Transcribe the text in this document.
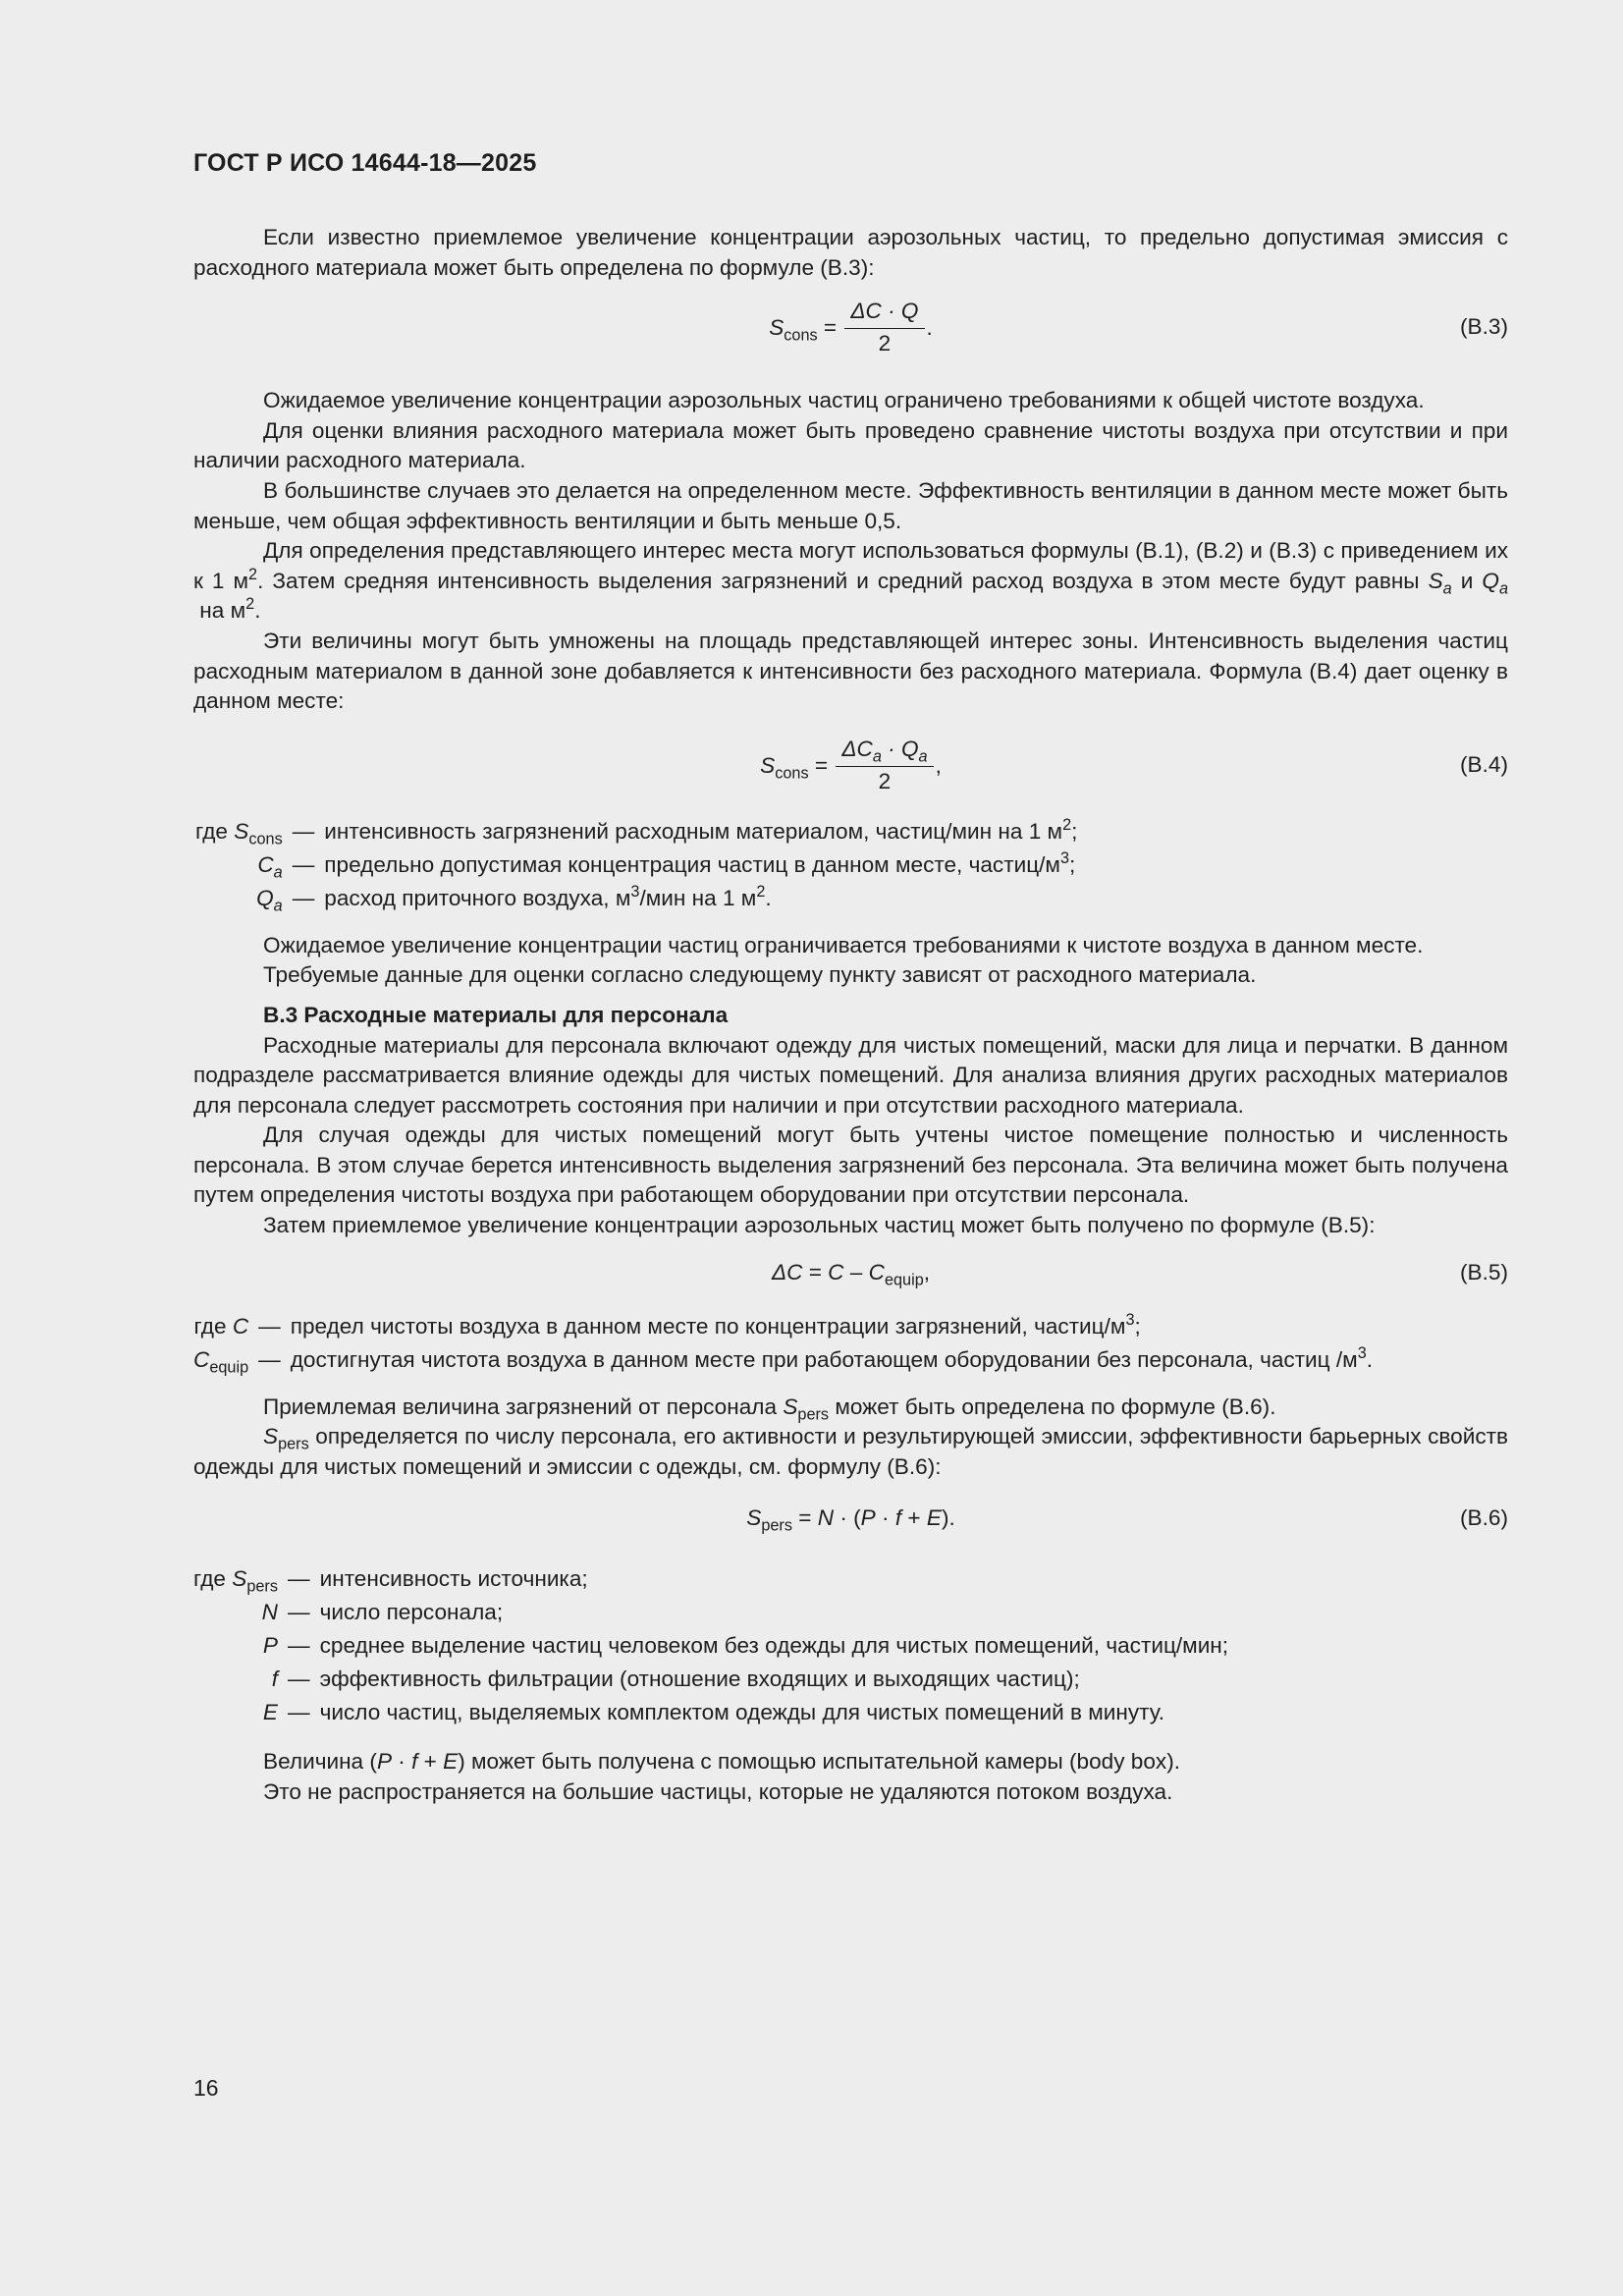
ГОСТ Р ИСО 14644-18—2025

Если известно приемлемое увеличение концентрации аэрозольных частиц, то предельно допустимая эмиссия с расходного материала может быть определена по формуле (B.3):

$S_{cons} = \frac{\Delta C \cdot Q}{2}$ .	(B.3)

Ожидаемое увеличение концентрации аэрозольных частиц ограничено требованиями к общей чистоте воздуха.

Для оценки влияния расходного материала может быть проведено сравнение чистоты воздуха при отсутствии и при наличии расходного материала.

В большинстве случаев это делается на определенном месте. Эффективность вентиляции в данном месте может быть меньше, чем общая эффективность вентиляции и быть меньше 0,5.

Для определения представляющего интерес места могут использоваться формулы (B.1), (B.2) и (B.3) с приведением их к 1 $м^2$. Затем средняя интенсивность выделения загрязнений и средний расход воздуха в этом месте будут равны $S_a$ и $Q_a$ на $м^2$.

Эти величины могут быть умножены на площадь представляющей интерес зоны. Интенсивность выделения частиц расходным материалом в данной зоне добавляется к интенсивности без расходного материала. Формула (B.4) дает оценку в данном месте:

$S_{cons} = \frac{\Delta C_a \cdot Q_a}{2}$ ,	(B.4)
где $S_{cons}$	—	интенсивность загрязнений расходным материалом, частиц/мин на 1 $м^2$;
$C_a$	—	предельно допустимая концентрация частиц в данном месте, частиц/$м^3$;
$Q_a$	—	расход приточного воздуха, $м^3$/мин на 1 $м^2$.

Ожидаемое увеличение концентрации частиц ограничивается требованиями к чистоте воздуха в данном месте.

Требуемые данные для оценки согласно следующему пункту зависят от расходного материала.

В.3 Расходные материалы для персонала

Расходные материалы для персонала включают одежду для чистых помещений, маски для лица и перчатки. В данном подразделе рассматривается влияние одежды для чистых помещений. Для анализа влияния других расходных материалов для персонала следует рассмотреть состояния при наличии и при отсутствии расходного материала.

Для случая одежды для чистых помещений могут быть учтены чистое помещение полностью и численность персонала. В этом случае берется интенсивность выделения загрязнений без персонала. Эта величина может быть получена путем определения чистоты воздуха при работающем оборудовании при отсутствии персонала.

Затем приемлемое увеличение концентрации аэрозольных частиц может быть получено по формуле (B.5):

$\Delta C = C - C_{equip}$,	(B.5)
где C	—	предел чистоты воздуха в данном месте по концентрации загрязнений, частиц/$м^3$;
$C_{equip}$	—	достигнутая чистота воздуха в данном месте при работающем оборудовании без персонала, частиц $/м^3$.

Приемлемая величина загрязнений от персонала $S_{pers}$ может быть определена по формуле (B.6).

$S_{pers}$ определяется по числу персонала, его активности и результирующей эмиссии, эффективности барьерных свойств одежды для чистых помещений и эмиссии с одежды, см. формулу (B.6):

$S_{pers} = N \cdot (P \cdot f + E)$.	(B.6)
где $S_{pers}$	—	интенсивность источника;
N	—	число персонала;
P	—	среднее выделение частиц человеком без одежды для чистых помещений, частиц/мин;
f	—	эффективность фильтрации (отношение входящих и выходящих частиц);
E	—	число частиц, выделяемых комплектом одежды для чистых помещений в минуту.

Величина (P · f + E) может быть получена с помощью испытательной камеры (body box).

Это не распространяется на большие частицы, которые не удаляются потоком воздуха.

16
